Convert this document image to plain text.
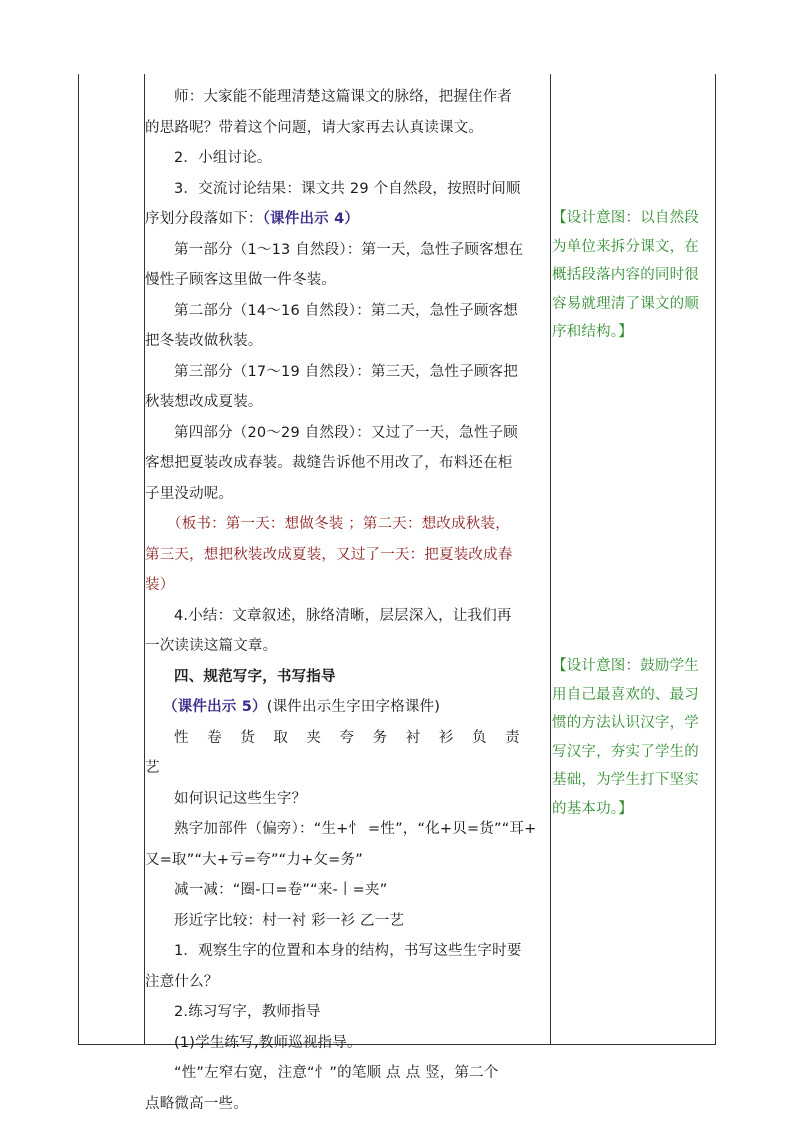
师：大家能不能理清楚这篇课文的脉络，把握住作者

的思路呢？带着这个问题，请大家再去认真读课文。

2．小组讨论。

3．交流讨论结果：课文共 29 个自然段，按照时间顺

序划分段落如下：（课件出示 4）

第一部分（1～13 自然段）：第一天，急性子顾客想在

慢性子顾客这里做一件冬装。

第二部分（14～16 自然段）：第二天，急性子顾客想

把冬装改做秋装。

第三部分（17～19 自然段）：第三天，急性子顾客把

秋装想改成夏装。

第四部分（20～29 自然段）：又过了一天，急性子顾

客想把夏装改成春装。裁缝告诉他不用改了，布料还在柜

子里没动呢。

（板书：第一天：想做冬装 ；第二天：想改成秋装，

第三天，想把秋装改成夏装，又过了一天：把夏装改成春

装）

4.小结：文章叙述，脉络清晰，层层深入，让我们再

一次读读这篇文章。

四、规范写字，书写指导

（课件出示 5）(课件出示生字田字格课件)

性 卷 货 取 夹 夸 务 衬 衫 负 责 艺

如何识记这些生字？

熟字加部件（偏旁）：“生+忄 =性”，“化+贝=货”“耳+

又=取”“大+亏=夸”“力+攵=务”

减一减：“圈-口=卷”“来-丨=夹”

形近字比较：村一衬 彩一衫 乙一艺

1．观察生字的位置和本身的结构，书写这些生字时要

注意什么？

2.练习写字，教师指导

(1)学生练写,教师巡视指导。

“性”左窄右宽，注意“忄”的笔顺 点 点 竖，第二个

点略微高一些。

【设计意图：以自然段

为单位来拆分课文，在

概括段落内容的同时很

容易就理清了课文的顺

序和结构。】

【设计意图：鼓励学生

用自己最喜欢的、最习

惯的方法认识汉字，学

写汉字，夯实了学生的

基础，为学生打下坚实

的基本功。】
